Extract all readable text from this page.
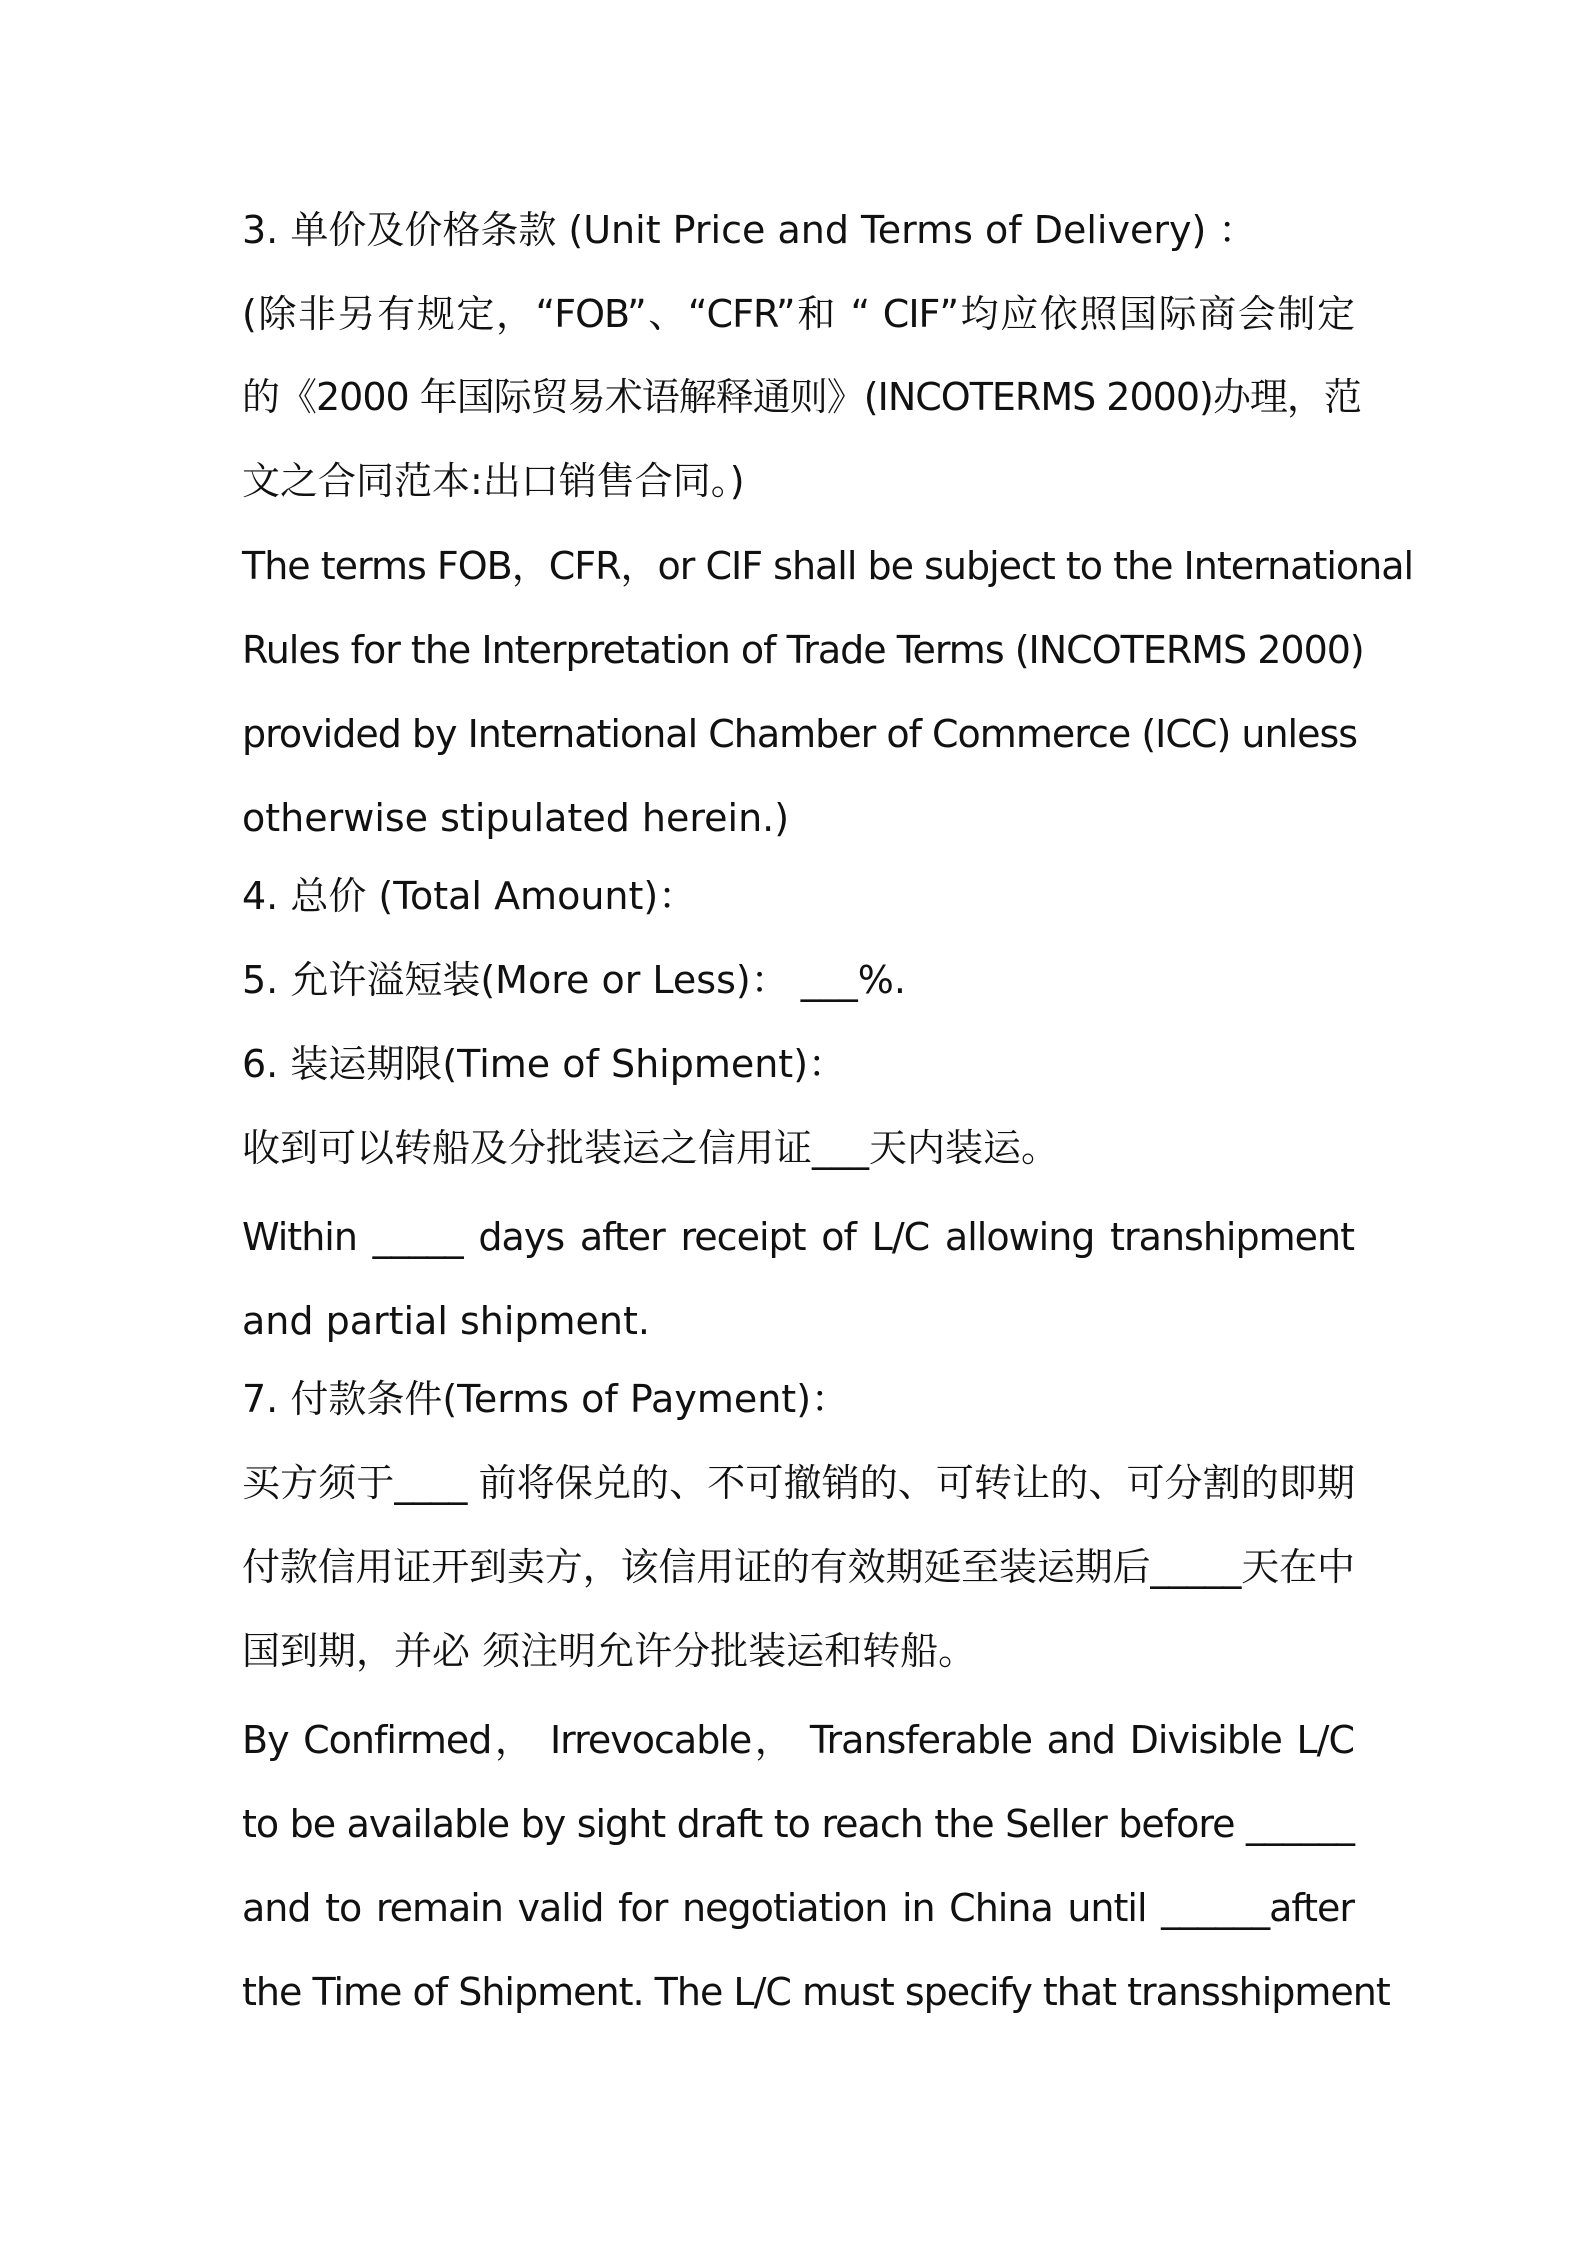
3. 单价及价格条款 (Unit Price and Terms of Delivery) ：
(除非另有规定，“FOB”、“CFR”和 “ CIF”均应依照国际商会制定
的《2000 年国际贸易术语解释通则》(INCOTERMS 2000)办理，范
文之合同范本:出口销售合同。)
The terms FOB，CFR，or CIF shall be subject to the International
Rules for the Interpretation of Trade Terms (INCOTERMS 2000)
provided by International Chamber of Commerce (ICC) unless
otherwise stipulated herein.)
4. 总价 (Total Amount)：
5. 允许溢短装(More or Less)： ___%.
6. 装运期限(Time of Shipment)：
收到可以转船及分批装运之信用证___天内装运。
Within _____ days after receipt of L/C allowing transhipment
and partial shipment.
7. 付款条件(Terms of Payment)：
买方须于____ 前将保兑的、不可撤销的、可转让的、可分割的即期
付款信用证开到卖方，该信用证的有效期延至装运期后_____天在中
国到期，并必 须注明允许分批装运和转船。
By Confirmed， Irrevocable， Transferable and Divisible L/C
to be available by sight draft to reach the Seller before ______
and to remain valid for negotiation in China until ______after
the Time of Shipment. The L/C must specify that transshipment
